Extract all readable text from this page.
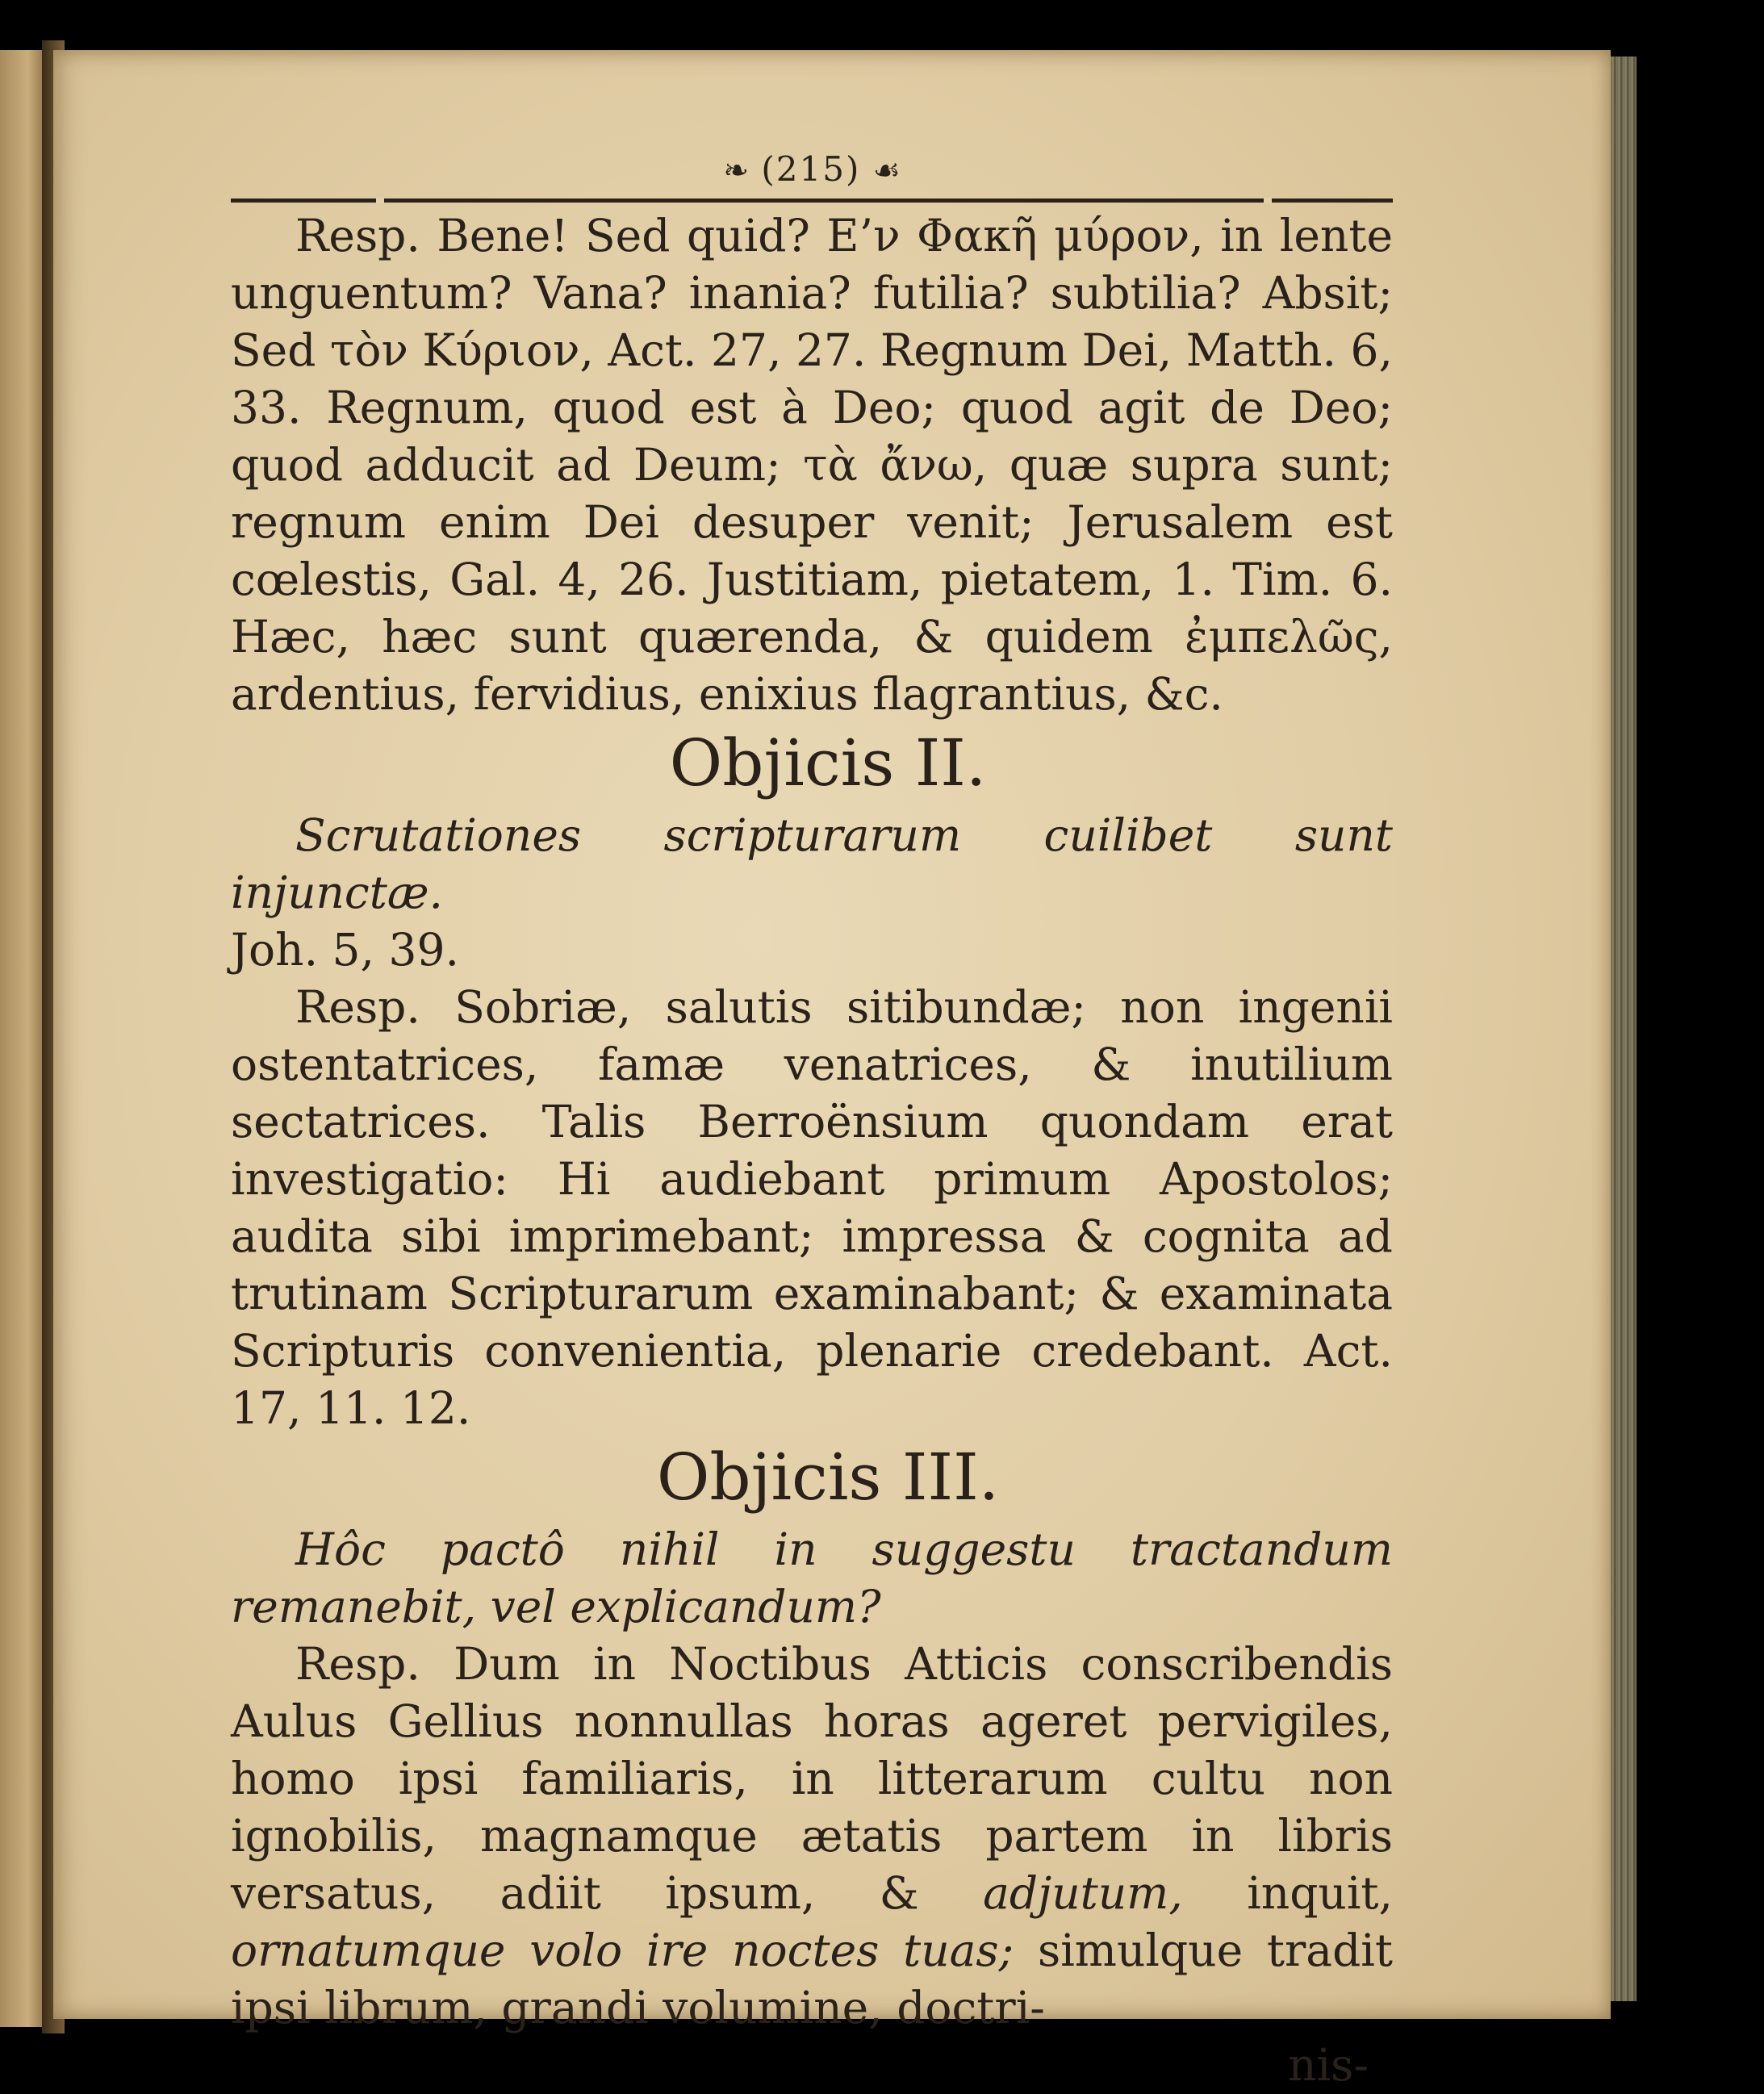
❧ (215) ☙

Resp. Bene! Sed quid? E’ν Φακῆ μύρον, in lente unguentum? Vana? inania? futilia? subtilia? Absit; Sed τὸν Κύριον, Act. 27, 27. Regnum Dei, Matth. 6, 33. Regnum, quod est à Deo; quod agit de Deo; quod adducit ad Deum; τὰ ἄνω, quæ supra sunt; regnum enim Dei desuper venit; Jerusalem est cœlestis, Gal. 4, 26. Justitiam, pietatem, 1. Tim. 6. Hæc, hæc sunt quærenda, & quidem ἐμπελῶς, ardentius, fervidius, enixius flagrantius, &c.

Objicis II.

Scrutationes scripturarum cuilibet sunt injunctæ.

Joh. 5, 39.

Resp. Sobriæ, salutis sitibundæ; non ingenii ostentatrices, famæ venatrices, & inutilium sectatrices. Talis Berroënsium quondam erat investigatio: Hi audiebant primum Apostolos; audita sibi imprimebant; impressa & cognita ad trutinam Scripturarum examinabant; & examinata Scripturis convenientia, plenarie credebant. Act. 17, 11. 12.

Objicis III.

Hôc pactô nihil in suggestu tractandum remanebit, vel explicandum?

Resp. Dum in Noctibus Atticis conscribendis Aulus Gellius nonnullas horas ageret pervigiles, homo ipsi familiaris, in litterarum cultu non ignobilis, magnamque ætatis partem in libris versatus, adiit ipsum, & adjutum, inquit, ornatumque volo ire noctes tuas; simulque tradit ipsi librum, grandi volumine, doctri-

nis-
